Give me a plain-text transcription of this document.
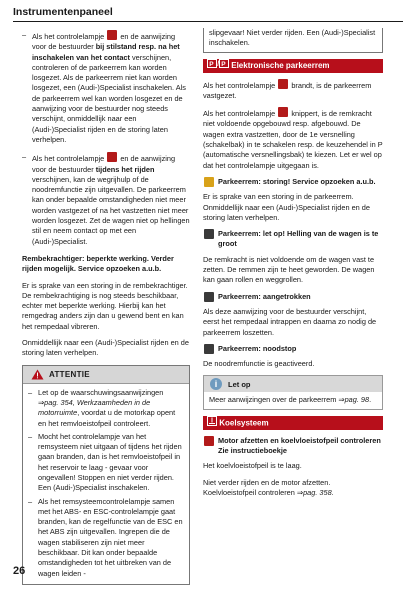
Instrumentenpaneel
– Als het controlelampje  en de aanwijzing voor de bestuurder bij stilstand resp. na het inschakelen van het contact verschijnen, controleren of de parkeerrem kan worden losgezet. Als de parkeerrem niet kan worden losgezet, een (Audi-)Specialist inschakelen. Als de parkeerrem wel kan worden losgezet en de aanwijzing voor de bestuurder nog steeds verschijnt, onmiddellijk naar een (Audi-)Specialist rijden en de storing laten verhelpen.
– Als het controlelampje  en de aanwijzing voor de bestuurder tijdens het rijden verschijnen, kan de wegrijhulp of de noodremfunctie zijn uitgevallen. De parkeerrem kan onder bepaalde omstandigheden niet meer worden vastgezet of na het vastzetten niet meer worden losgezet. Zet de wagen niet op hellingen stil en neem contact op met een (Audi-)Specialist.

Rembekrachtiger: beperkte werking. Verder rijden mogelijk. Service opzoeken a.u.b.

Er is sprake van een storing in de rembekrachtiger. De rembekrachtiging is nog steeds beschikbaar, echter met beperkte werking. Hierbij kan het remgedrag anders zijn dan u gewend bent en kan het rempedaal vibreren.

Onmiddellijk naar een (Audi-)Specialist rijden en de storing laten verhelpen.

ATTENTIE
– Let op de waarschuwingsaanwijzingen ⇒pag. 354, Werkzaamheden in de motorruimte, voordat u de motorkap opent en het remvloeistofpeil controleert.
– Mocht het controlelampje van het remsysteem niet uitgaan of tijdens het rijden gaan branden, dan is het remvloeistofpeil in het reservoir te laag - gevaar voor ongevallen! Stoppen en niet verder rijden. Een (Audi-)Specialist inschakelen.
– Als het remsysteemcontrolelampje samen met het ABS- en ESC-controlelampje gaat branden, kan de regelfunctie van de ESC en het ABS zijn uitgevallen. Ingrepen die de wagen stabiliseren zijn niet meer beschikbaar. Dit kan onder bepaalde omstandigheden tot het uitbreken van de wagen leiden -
slipgevaar! Niet verder rijden. Een (Audi-)Specialist inschakelen.
P / P Elektronische parkeerrem

Als het controlelampje  brandt, is de parkeerrem vastgezet.

Als het controlelampje  knippert, is de remkracht niet voldoende opgebouwd resp. afgebouwd. De wagen extra vastzetten, door de 1e versnelling (schakelbak) in te schakelen resp. de keuzehendel in P (automatische versnellingsbak) te kiezen. Let er wel op dat het controlelampje uitgegaan is.

Parkeerrem: storing! Service opzoeken a.u.b.

Er is sprake van een storing in de parkeerrem. Onmiddellijk naar een (Audi-)Specialist rijden en de storing laten verhelpen.

Parkeerrem: let op! Helling van de wagen is te groot

De remkracht is niet voldoende om de wagen vast te zetten. De remmen zijn te heet geworden. De wagen kan gaan rollen en weggrollen.

Parkeerrem: aangetrokken

Als deze aanwijzing voor de bestuurder verschijnt, eerst het rempedaal intrappen en daarna zo nodig de parkeerrem loszetten.

Parkeerrem: noodstop

De noodremfunctie is geactiveerd.

i	Let op
Meer aanwijzingen over de parkeerrem ⇒pag. 98.
Koelsysteem
Motor afzetten en koelvloeistofpeil controleren Zie instructieboekje

Het koelvloeistofpeil is te laag.

Niet verder rijden en de motor afzetten. Koelvloeistofpeil controleren ⇒pag. 358.

26
